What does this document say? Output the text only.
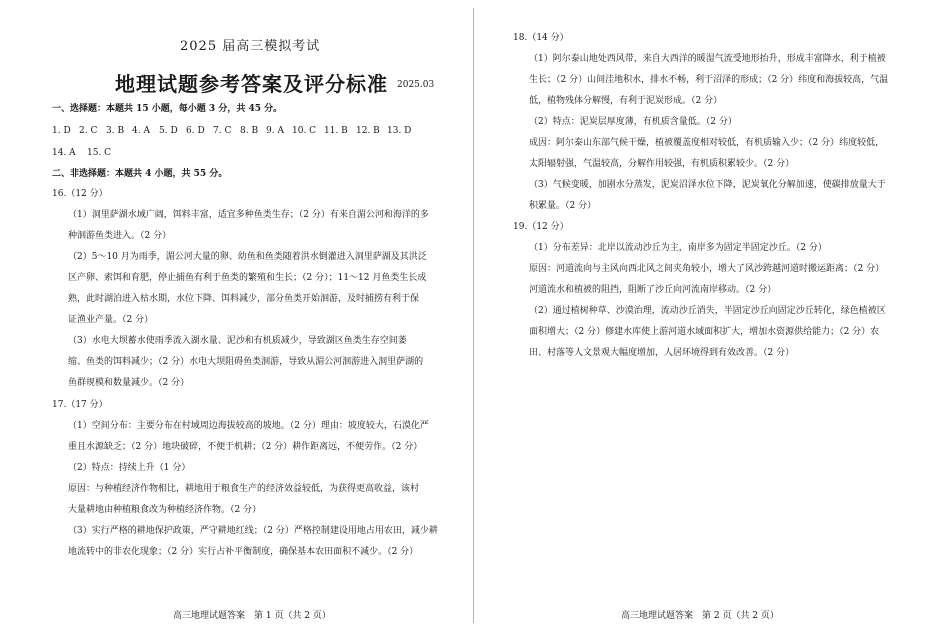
2025 届高三模拟考试
地理试题参考答案及评分标准 2025.03
一、选择题：本题共 15 小题，每小题 3 分，共 45 分。
1. D 2. C 3. B 4. A 5. D 6. D 7. C 8. B 9. A 10. C 11. B 12. B 13. D
14. A 15. C
二、非选择题：本题共 4 小题，共 55 分。
16.（12 分）
（1）洞里萨湖水域广阔，饵料丰富，适宜多种鱼类生存；（2 分）有来自湄公河和海洋的多
种洄游鱼类进入。（2 分）
（2）5～10 月为雨季，湄公河大量的卵、幼鱼和鱼类随着洪水倒灌进入洞里萨湖及其洪泛
区产卵、索饵和育肥，停止捕鱼有利于鱼类的繁殖和生长；（2 分）；11～12 月鱼类生长成
熟，此时湖泊进入枯水期，水位下降、饵料减少，部分鱼类开始洄游，及时捕捞有利于保
证渔业产量。（2 分）
（3）水电大坝蓄水使雨季流入湖水量、泥沙和有机质减少，导致湖区鱼类生存空间萎
缩、鱼类的饵料减少；（2 分）水电大坝阻碍鱼类洄游，导致从湄公河洄游进入洞里萨湖的
鱼群规模和数量减少。（2 分）
17.（17 分）
（1）空间分布：主要分布在村域周边海拔较高的坡地。（2 分）理由：坡度较大，石漠化严
重且水源缺乏；（2 分）地块破碎，不便于机耕；（2 分）耕作距离远，不便劳作。（2 分）
（2）特点：持续上升（1 分）
原因：与种植经济作物相比，耕地用于粮食生产的经济效益较低，为获得更高收益，该村
大量耕地由种植粮食改为种植经济作物。（2 分）
（3）实行严格的耕地保护政策，严守耕地红线；（2 分）严格控制建设用地占用农田，减少耕
地流转中的非农化现象；（2 分）实行占补平衡制度，确保基本农田面积不减少。（2 分）
高三地理试题答案　第 1 页（共 2 页）
18.（14 分）
（1）阿尔泰山地处西风带，来自大西洋的暖湿气流受地形抬升，形成丰富降水，利于植被
生长；（2 分）山间洼地积水，排水不畅，利于沼泽的形成；（2 分）纬度和海拔较高，气温
低，植物残体分解慢，有利于泥炭形成。（2 分）
（2）特点：泥炭层厚度薄，有机质含量低。（2 分）
成因：阿尔泰山东部气候干燥，植被覆盖度相对较低，有机质输入少；（2 分）纬度较低，
太阳辐射强，气温较高，分解作用较强，有机质积累较少。（2 分）
（3）气候变暖，加剧水分蒸发，泥炭沼泽水位下降，泥炭氧化分解加速，使碳排放量大于
积累量。（2 分）
19.（12 分）
（1）分布差异：北岸以流动沙丘为主，南岸多为固定半固定沙丘。（2 分）
原因：河道流向与主风向西北风之间夹角较小，增大了风沙跨越河道时搬运距离；（2 分）
河道流水和植被的阻挡，阻断了沙丘向河流南岸移动。（2 分）
（2）通过植树种草、沙漠治理，流动沙丘消失，半固定沙丘向固定沙丘转化，绿色植被区
面积增大；（2 分）修建水库使上游河道水域面积扩大，增加水资源供给能力；（2 分）农
田、村落等人文景观大幅度增加，人居环境得到有效改善。（2 分）
高三地理试题答案　第 2 页（共 2 页）
